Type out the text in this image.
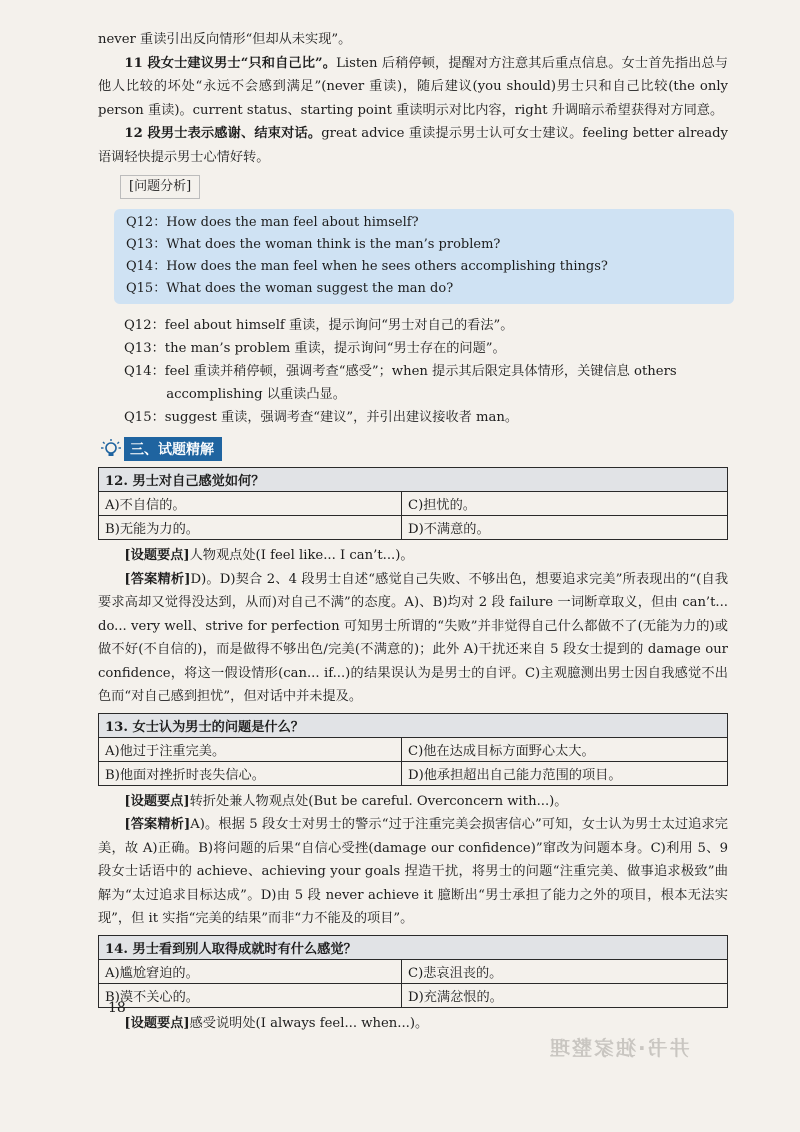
never 重读引出反向情形“但却从未实现”。

11 段女士建议男士“只和自己比”。Listen 后稍停顿，提醒对方注意其后重点信息。女士首先指出总与他人比较的坏处“永远不会感到满足”(never 重读)，随后建议(you should)男士只和自己比较(the only person 重读)。current status、starting point 重读明示对比内容，right 升调暗示希望获得对方同意。

12 段男士表示感谢、结束对话。great advice 重读提示男士认可女士建议。feeling better already 语调轻快提示男士心情好转。

[问题分析]
Q12：How does the man feel about himself?
Q13：What does the woman think is the man’s problem?
Q14：How does the man feel when he sees others accomplishing things?
Q15：What does the woman suggest the man do?
Q12：feel about himself 重读，提示询问“男士对自己的看法”。
Q13：the man’s problem 重读，提示询问“男士存在的问题”。
Q14：feel 重读并稍停顿，强调考查“感受”；when 提示其后限定具体情形，关键信息 others accomplishing 以重读凸显。
Q15：suggest 重读，强调考查“建议”，并引出建议接收者 man。
三、试题精解
12. 男士对自己感觉如何？	
A)不自信的。	C)担忧的。
B)无能为力的。	D)不满意的。

[设题要点]人物观点处(I feel like... I can’t...)。

[答案精析]D)。D)契合 2、4 段男士自述“感觉自己失败、不够出色，想要追求完美”所表现出的“(自我要求高却又觉得没达到，从而)对自己不满”的态度。A)、B)均对 2 段 failure 一词断章取义，但由 can’t... do... very well、strive for perfection 可知男士所谓的“失败”并非觉得自己什么都做不了(无能为力的)或做不好(不自信的)，而是做得不够出色/完美(不满意的)；此外 A)干扰还来自 5 段女士提到的 damage our confidence，将这一假设情形(can... if...)的结果误认为是男士的自评。C)主观臆测出男士因自我感觉不出色而“对自己感到担忧”，但对话中并未提及。

13. 女士认为男士的问题是什么？	
A)他过于注重完美。	C)他在达成目标方面野心太大。
B)他面对挫折时丧失信心。	D)他承担超出自己能力范围的项目。

[设题要点]转折处兼人物观点处(But be careful. Overconcern with...)。

[答案精析]A)。根据 5 段女士对男士的警示“过于注重完美会损害信心”可知，女士认为男士太过追求完美，故 A)正确。B)将问题的后果“自信心受挫(damage our confidence)”窜改为问题本身。C)利用 5、9 段女士话语中的 achieve、achieving your goals 捏造干扰，将男士的问题“注重完美、做事追求极致”曲解为“太过追求目标达成”。D)由 5 段 never achieve it 臆断出“男士承担了能力之外的项目，根本无法实现”，但 it 实指“完美的结果”而非“力不能及的项目”。

14. 男士看到别人取得成就时有什么感觉？	
A)尴尬窘迫的。	C)悲哀沮丧的。
B)漠不关心的。	D)充满忿恨的。

[设题要点]感受说明处(I always feel... when...)。

18
井书·独家整理
